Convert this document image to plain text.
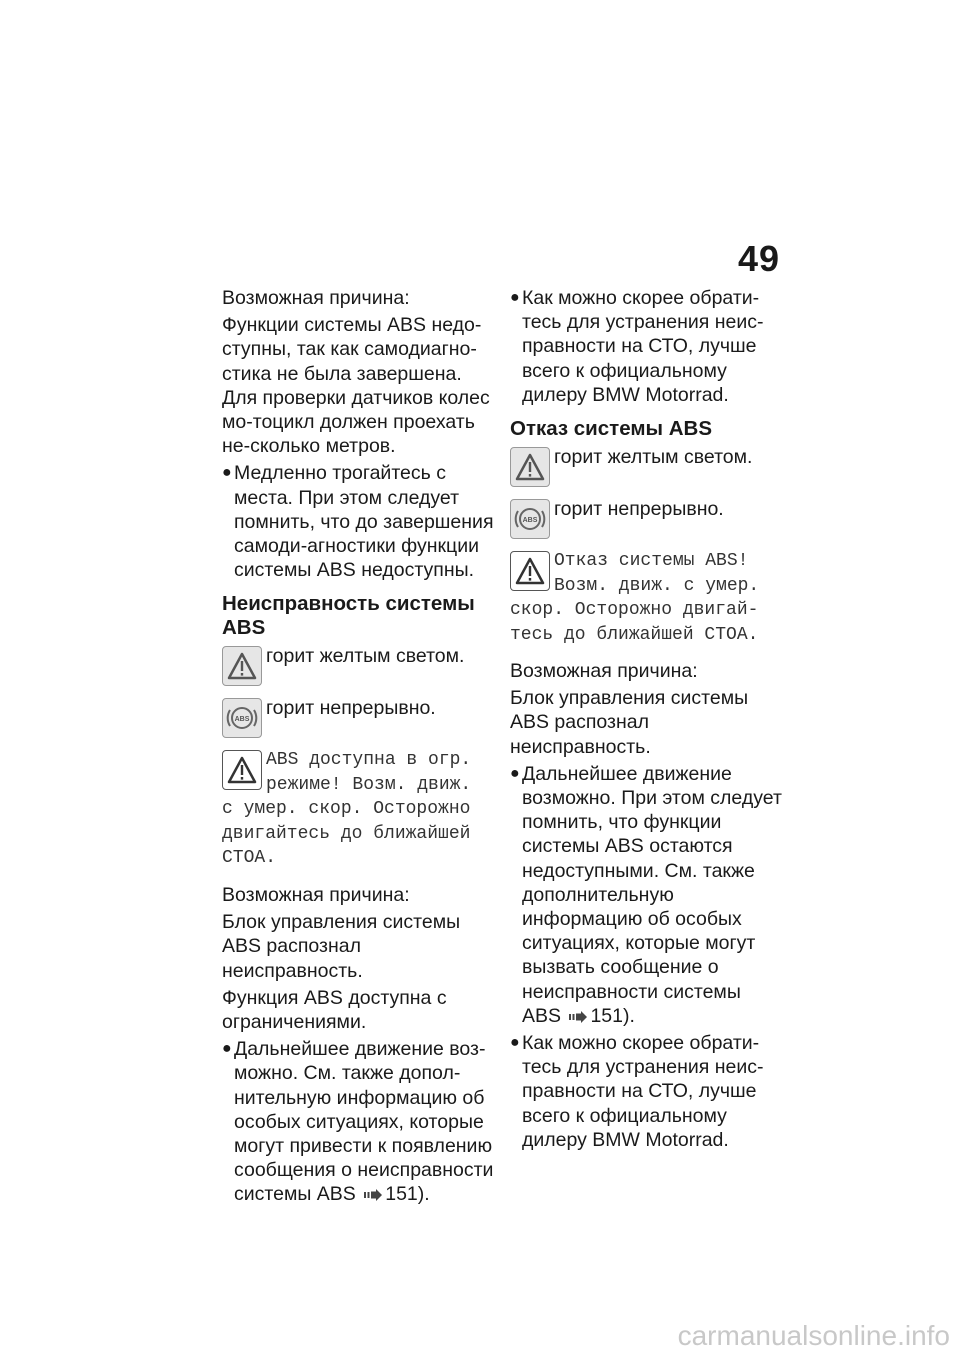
49
Возможная причина:
Функции системы ABS недо-ступны, так как самодиагно-стика не была завершена. Для проверки датчиков колес мо-тоцикл должен проехать не-сколько метров.
● Медленно трогайтесь с места. При этом следует помнить, что до завершения самоди-агностики функции системы ABS недоступны.
Неисправность системы ABS
горит желтым светом.
ABS
горит непрерывно.
ABS доступна в огр.
режиме! Возм. движ.
с умер. скор. Осторожно
двигайтесь до ближайшей
СТОА.
Возможная причина:
Блок управления системы ABS распознал неисправность.
Функция ABS доступна с ограничениями.
● Дальнейшее движение воз-можно. См. также допол-нительную информацию об особых ситуациях, которые могут привести к появлению сообщения о неисправности системы ABS 151).
● Как можно скорее обрати-тесь для устранения неис-правности на СТО, лучше всего к официальному дилеру BMW Motorrad.
Отказ системы ABS
горит желтым светом.
ABS
горит непрерывно.
Отказ системы ABS!
Возм. движ. с умер.
скор. Осторожно двигай-
тесь до ближайшей СТОА.
Возможная причина:
Блок управления системы ABS распознал неисправность.
● Дальнейшее движение возможно. При этом следует помнить, что функции системы ABS остаются недоступными. См. также дополнительную информацию об особых ситуациях, которые могут вызвать сообщение о неисправности системы ABS 151).
● Как можно скорее обрати-тесь для устранения неис-правности на СТО, лучше всего к официальному дилеру BMW Motorrad.
carmanualsonline.info
